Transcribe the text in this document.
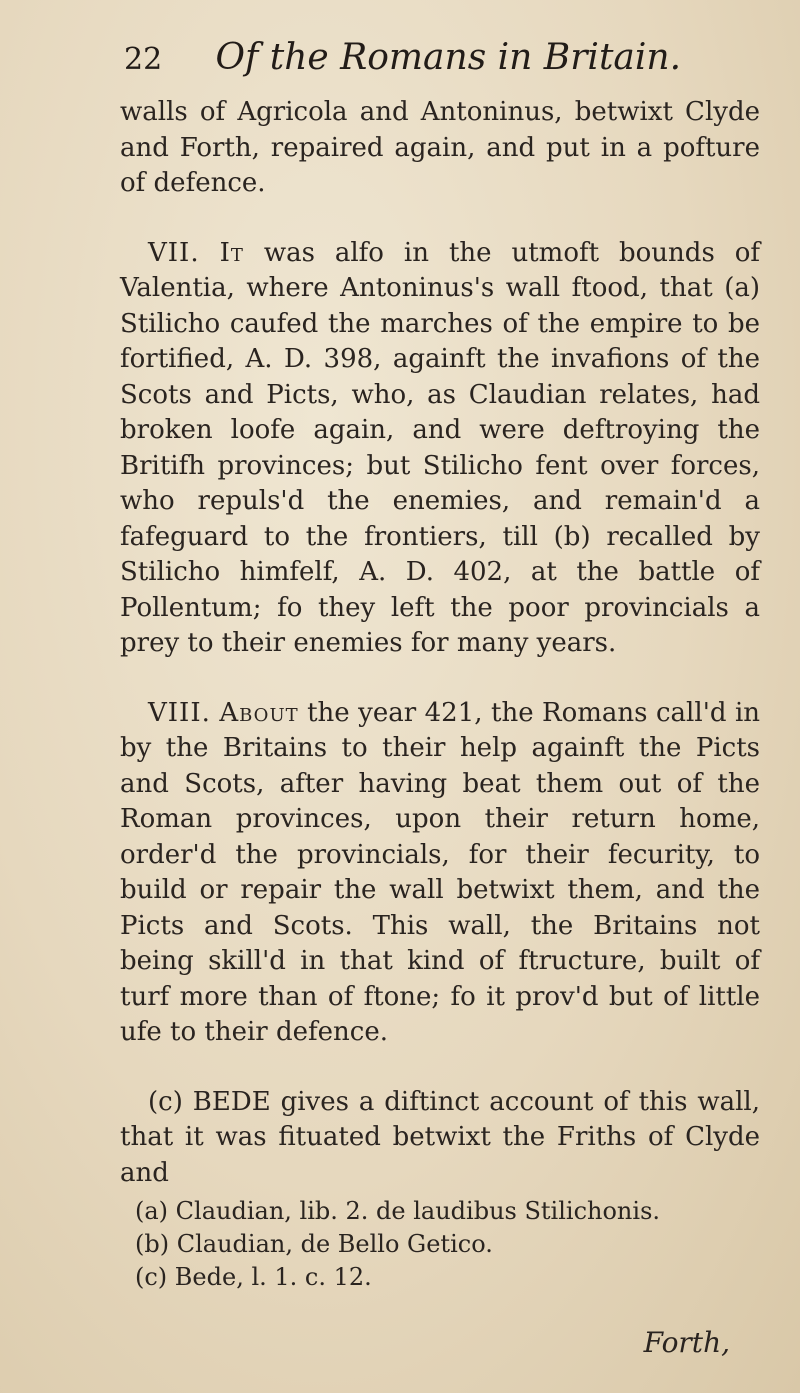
22 Of the Romans in Britain.

walls of Agricola and Antoninus, betwixt Clyde and Forth, repaired again, and put in a pofture of defence.

VII. It was alfo in the utmoft bounds of Valentia, where Antoninus's wall ftood, that (a) Stilicho caufed the marches of the empire to be fortified, A. D. 398, againft the invafions of the Scots and Picts, who, as Claudian relates, had broken loofe again, and were deftroying the Britifh provinces; but Stilicho fent over forces, who repuls'd the enemies, and remain'd a fafeguard to the frontiers, till (b) recalled by Stilicho himfelf, A. D. 402, at the battle of Pollentum; fo they left the poor provincials a prey to their enemies for many years.

VIII. About the year 421, the Romans call'd in by the Britains to their help againft the Picts and Scots, after having beat them out of the Roman provinces, upon their return home, order'd the provincials, for their fecurity, to build or repair the wall betwixt them, and the Picts and Scots. This wall, the Britains not being skill'd in that kind of ftructure, built of turf more than of ftone; fo it prov'd but of little ufe to their defence.

(c) BEDE gives a diftinct account of this wall, that it was fituated betwixt the Friths of Clyde and

(a) Claudian, lib. 2. de laudibus Stilichonis.

(b) Claudian, de Bello Getico.

(c) Bede, l. 1. c. 12.

Forth,
